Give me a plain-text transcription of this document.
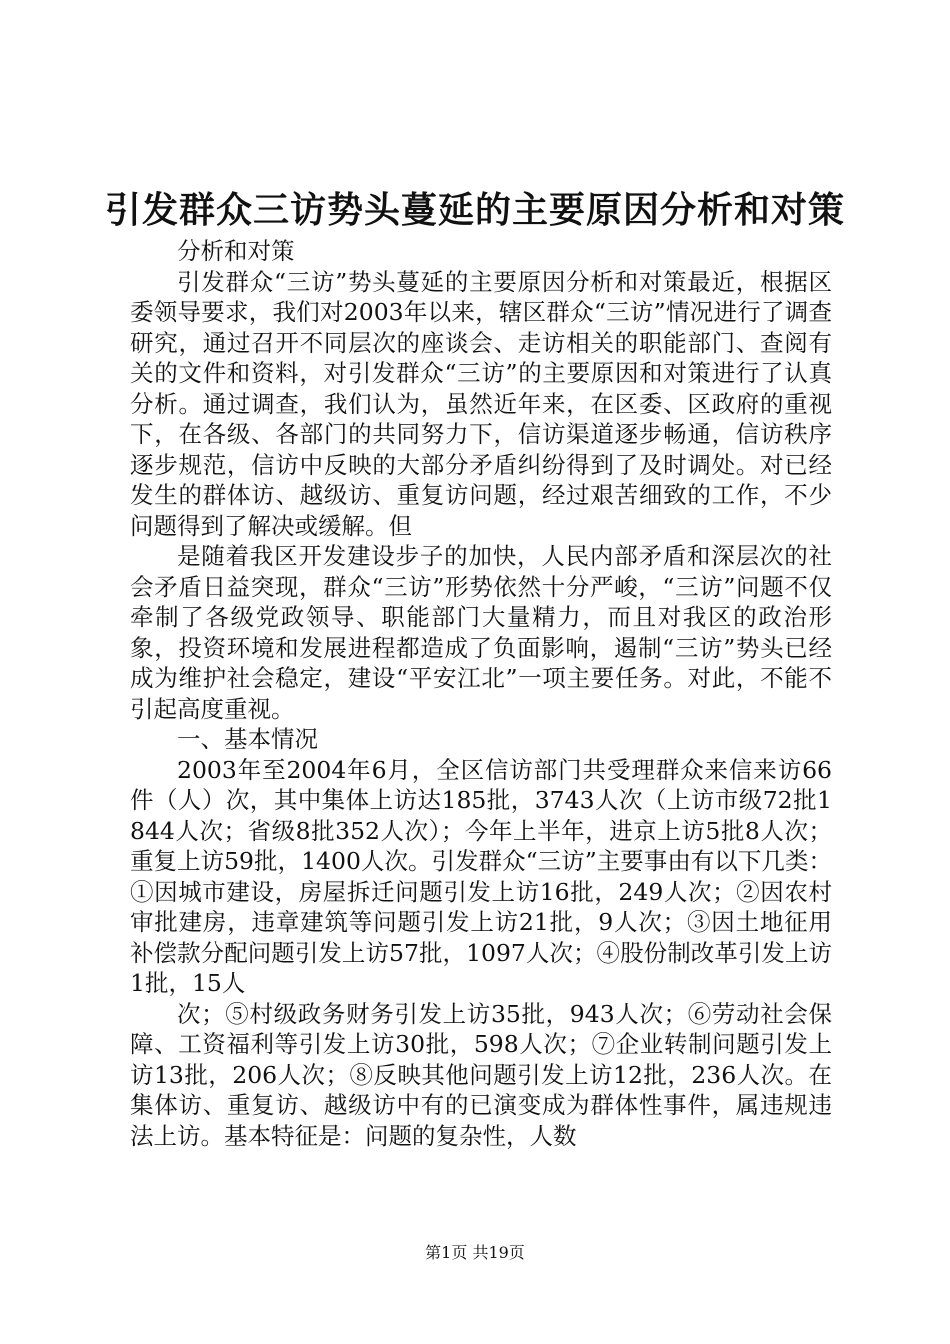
引发群众三访势头蔓延的主要原因分析和对策

分析和对策

引发群众“三访”势头蔓延的主要原因分析和对策最近，根据区委领导要求，我们对2003年以来，辖区群众“三访”情况进行了调查研究，通过召开不同层次的座谈会、走访相关的职能部门、查阅有关的文件和资料，对引发群众“三访”的主要原因和对策进行了认真分析。通过调查，我们认为，虽然近年来，在区委、区政府的重视下，在各级、各部门的共同努力下，信访渠道逐步畅通，信访秩序逐步规范，信访中反映的大部分矛盾纠纷得到了及时调处。对已经发生的群体访、越级访、重复访问题，经过艰苦细致的工作，不少问题得到了解决或缓解。但

是随着我区开发建设步子的加快，人民内部矛盾和深层次的社会矛盾日益突现，群众“三访”形势依然十分严峻，“三访”问题不仅牵制了各级党政领导、职能部门大量精力，而且对我区的政治形象，投资环境和发展进程都造成了负面影响，遏制“三访”势头已经成为维护社会稳定，建设“平安江北”一项主要任务。对此，不能不引起高度重视。

一、基本情况

2003年至2004年6月，全区信访部门共受理群众来信来访66件（人）次，其中集体上访达185批，3743人次（上访市级72批1844人次；省级8批352人次）；今年上半年，进京上访5批8人次；重复上访59批，1400人次。引发群众“三访”主要事由有以下几类：①因城市建设，房屋拆迁问题引发上访16批，249人次；②因农村审批建房，违章建筑等问题引发上访21批，9人次；③因土地征用补偿款分配问题引发上访57批，1097人次；④股份制改革引发上访1批，15人

次；⑤村级政务财务引发上访35批，943人次；⑥劳动社会保障、工资福利等引发上访30批，598人次；⑦企业转制问题引发上访13批，206人次；⑧反映其他问题引发上访12批，236人次。在集体访、重复访、越级访中有的已演变成为群体性事件，属违规违法上访。基本特征是：问题的复杂性，人数

第1页 共19页
